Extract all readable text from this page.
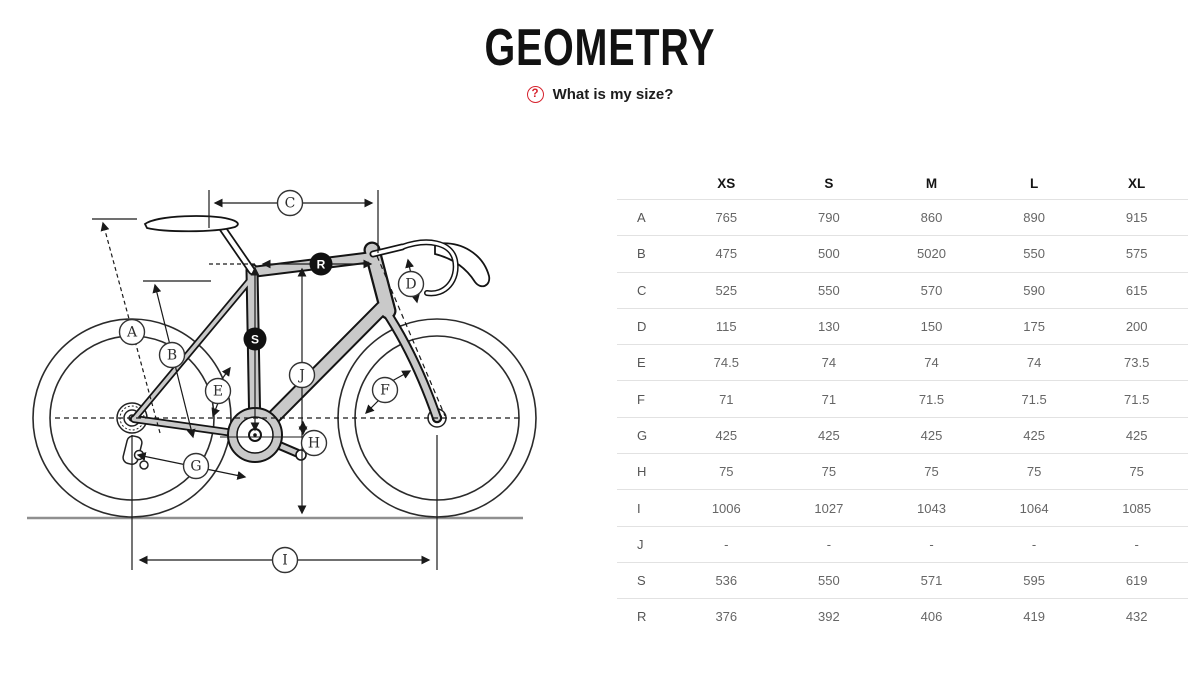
GEOMETRY
? What is my size?
A
B
C
D
E	F
G
H
I
J
S
R
XS	S	M	L	XL
A	765	790	860	890	915
B	475	500	5020	550	575
C	525	550	570	590	615
D	115	130	150	175	200
E	74.5	74	74	74	73.5
F	71	71	71.5	71.5	71.5
G	425	425	425	425	425
H	75	75	75	75	75
I	1006	1027	1043	1064	1085
J	-	-	-	-	-
S	536	550	571	595	619
R	376	392	406	419	432
